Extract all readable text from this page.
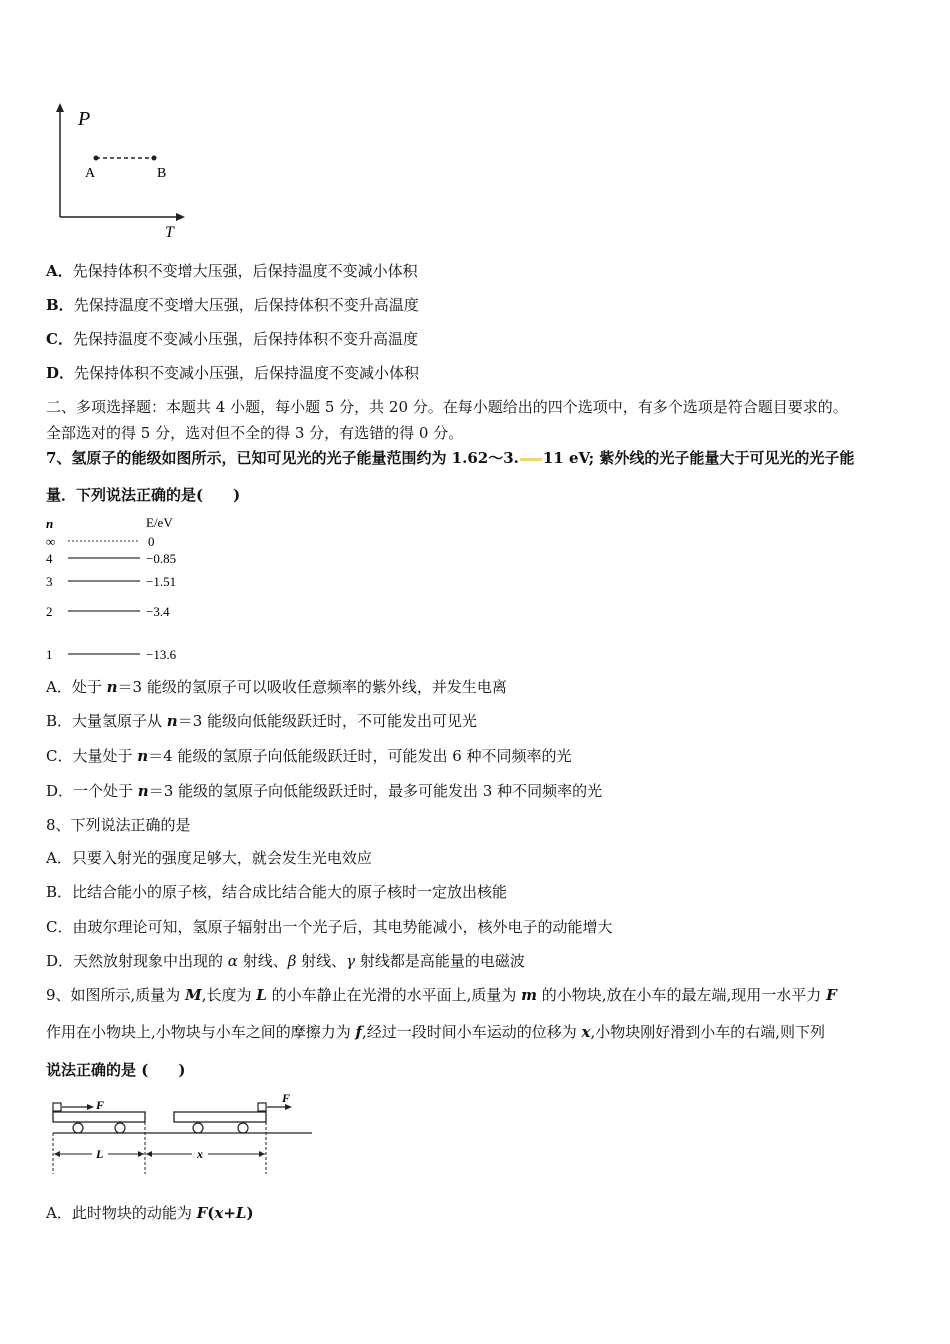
P
T
A	B
A．先保持体积不变增大压强，后保持温度不变减小体积
B．先保持温度不变增大压强，后保持体积不变升高温度
C．先保持温度不变减小压强，后保持体积不变升高温度
D．先保持体积不变减小压强，后保持温度不变减小体积
二、多项选择题：本题共 4 小题，每小题 5 分，共 20 分。在每小题给出的四个选项中，有多个选项是符合题目要求的。
全部选对的得 5 分，选对但不全的得 3 分，有选错的得 0 分。
7、氢原子的能级如图所示，已知可见光的光子能量范围约为 1.62～3. 11 eV; 紫外线的光子能量大于可见光的光子能
量．下列说法正确的是(　　)
n	E/eV
∞	0
4	−0.85
3	−1.51
2	−3.4
1	−13.6
A．处于 n＝3 能级的氢原子可以吸收任意频率的紫外线，并发生电离
B．大量氢原子从 n＝3 能级向低能级跃迁时，不可能发出可见光
C．大量处于 n＝4 能级的氢原子向低能级跃迁时，可能发出 6 种不同频率的光
D．一个处于 n＝3 能级的氢原子向低能级跃迁时，最多可能发出 3 种不同频率的光
8、下列说法正确的是
A．只要入射光的强度足够大，就会发生光电效应
B．比结合能小的原子核，结合成比结合能大的原子核时一定放出核能
C．由玻尔理论可知，氢原子辐射出一个光子后，其电势能减小，核外电子的动能增大
D．天然放射现象中出现的 α 射线、β 射线、γ 射线都是高能量的电磁波
9、如图所示,质量为 M,长度为 L 的小车静止在光滑的水平面上,质量为 m 的小物块,放在小车的最左端,现用一水平力 F
作用在小物块上,小物块与小车之间的摩擦力为 f,经过一段时间小车运动的位移为 x,小物块刚好滑到小车的右端,则下列
说法正确的是 (　　)
F	F
L	x
A．此时物块的动能为 F(x+L)
